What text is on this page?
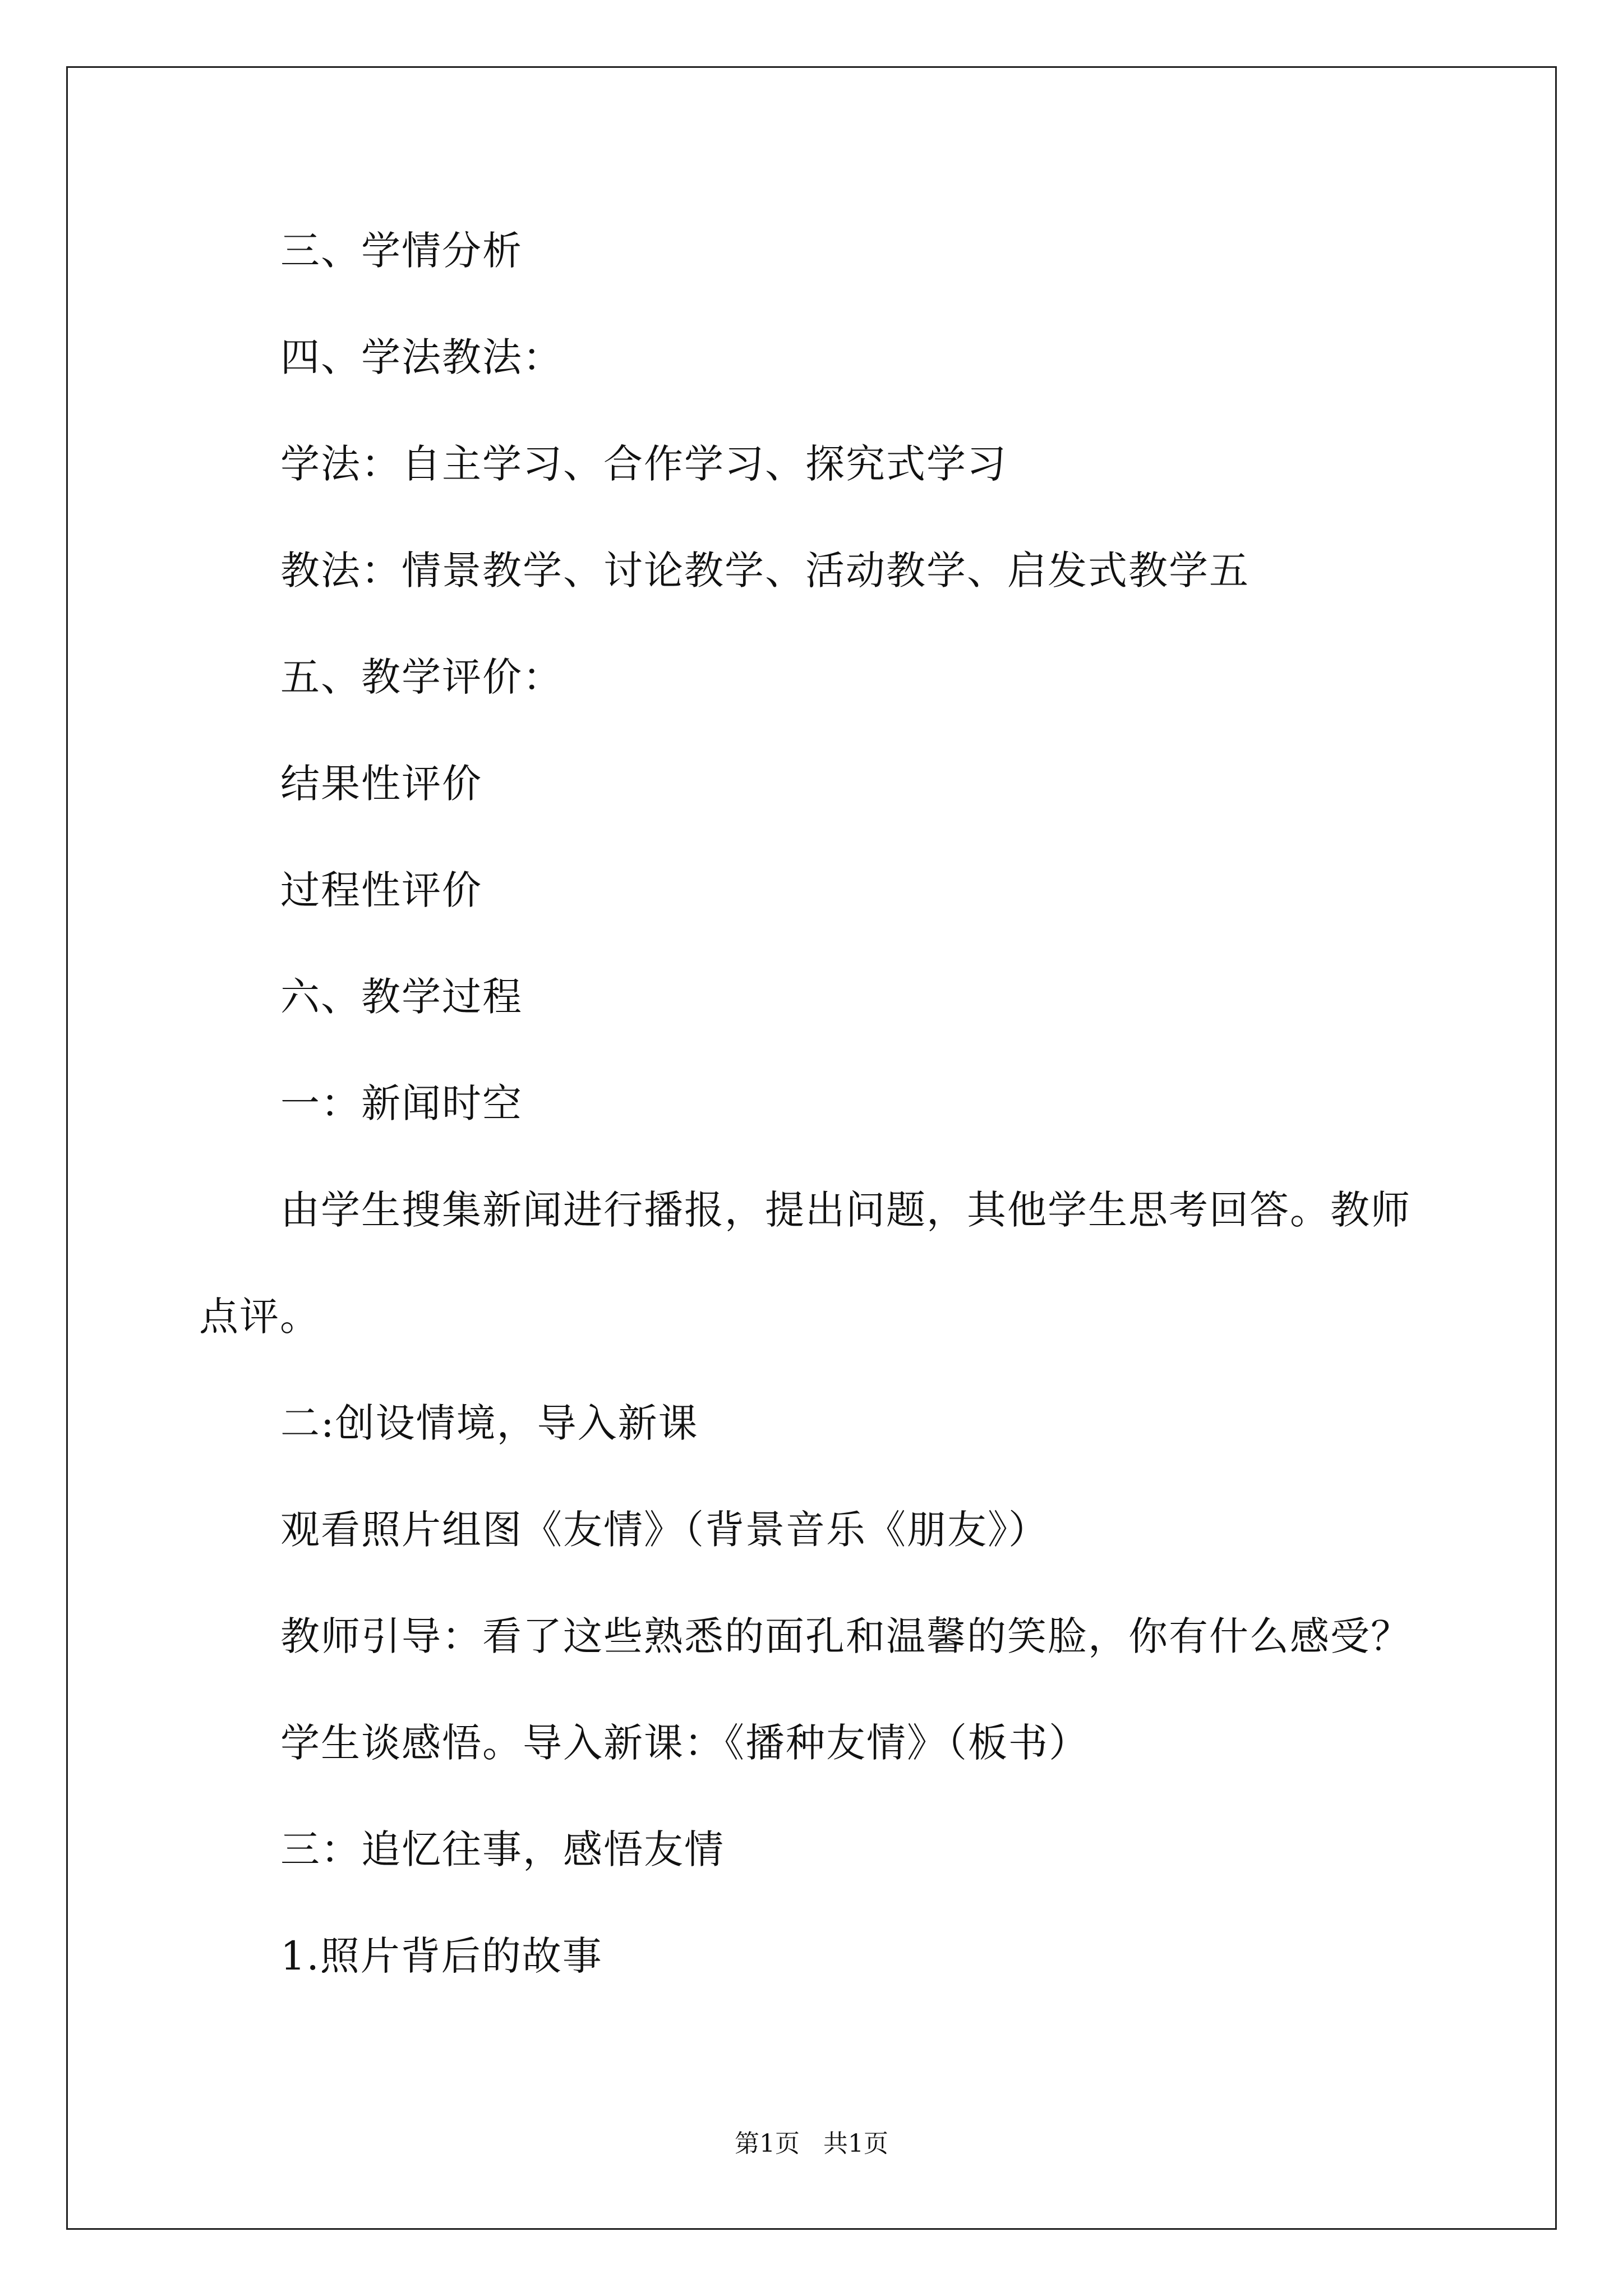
三、学情分析

四、学法教法：

学法：自主学习、合作学习、探究式学习

教法：情景教学、讨论教学、活动教学、启发式教学五

五、教学评价：

结果性评价

过程性评价

六、教学过程

一：新闻时空

由学生搜集新闻进行播报，提出问题，其他学生思考回答。教师

点评。

二:创设情境，导入新课

观看照片组图《友情》（背景音乐《朋友》）

教师引导：看了这些熟悉的面孔和温馨的笑脸，你有什么感受？

学生谈感悟。导入新课：《播种友情》（板书）

三：追忆往事，感悟友情

1.照片背后的故事

第1页 共1页
